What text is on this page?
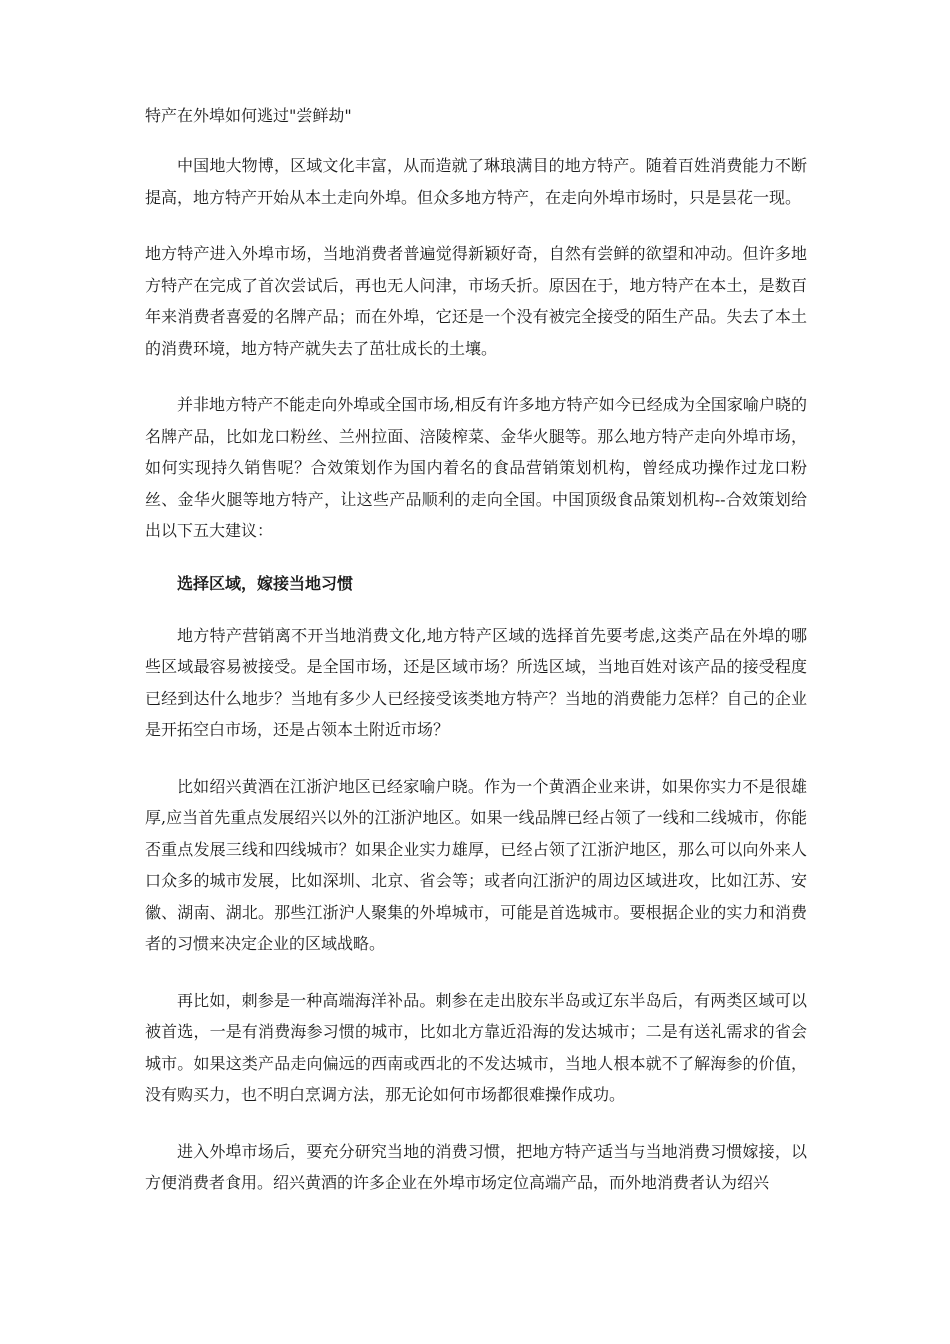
特产在外埠如何逃过"尝鲜劫"

中国地大物博，区域文化丰富，从而造就了琳琅满目的地方特产。随着百姓消费能力不断提高，地方特产开始从本土走向外埠。但众多地方特产，在走向外埠市场时，只是昙花一现。

地方特产进入外埠市场，当地消费者普遍觉得新颖好奇，自然有尝鲜的欲望和冲动。但许多地方特产在完成了首次尝试后，再也无人问津，市场夭折。原因在于，地方特产在本土，是数百年来消费者喜爱的名牌产品；而在外埠，它还是一个没有被完全接受的陌生产品。失去了本土的消费环境，地方特产就失去了茁壮成长的土壤。

并非地方特产不能走向外埠或全国市场,相反有许多地方特产如今已经成为全国家喻户晓的名牌产品，比如龙口粉丝、兰州拉面、涪陵榨菜、金华火腿等。那么地方特产走向外埠市场，如何实现持久销售呢？合效策划作为国内着名的食品营销策划机构，曾经成功操作过龙口粉丝、金华火腿等地方特产，让这些产品顺利的走向全国。中国顶级食品策划机构--合效策划给出以下五大建议：

选择区域，嫁接当地习惯

地方特产营销离不开当地消费文化,地方特产区域的选择首先要考虑,这类产品在外埠的哪些区域最容易被接受。是全国市场，还是区域市场？所选区域，当地百姓对该产品的接受程度已经到达什么地步？当地有多少人已经接受该类地方特产？当地的消费能力怎样？自己的企业是开拓空白市场，还是占领本土附近市场？

比如绍兴黄酒在江浙沪地区已经家喻户晓。作为一个黄酒企业来讲，如果你实力不是很雄厚,应当首先重点发展绍兴以外的江浙沪地区。如果一线品牌已经占领了一线和二线城市，你能否重点发展三线和四线城市？如果企业实力雄厚，已经占领了江浙沪地区，那么可以向外来人口众多的城市发展，比如深圳、北京、省会等；或者向江浙沪的周边区域进攻，比如江苏、安徽、湖南、湖北。那些江浙沪人聚集的外埠城市，可能是首选城市。要根据企业的实力和消费者的习惯来决定企业的区域战略。

再比如，刺参是一种高端海洋补品。刺参在走出胶东半岛或辽东半岛后，有两类区域可以被首选，一是有消费海参习惯的城市，比如北方靠近沿海的发达城市；二是有送礼需求的省会城市。如果这类产品走向偏远的西南或西北的不发达城市，当地人根本就不了解海参的价值，没有购买力，也不明白烹调方法，那无论如何市场都很难操作成功。

进入外埠市场后，要充分研究当地的消费习惯，把地方特产适当与当地消费习惯嫁接，以方便消费者食用。绍兴黄酒的许多企业在外埠市场定位高端产品，而外地消费者认为绍兴
